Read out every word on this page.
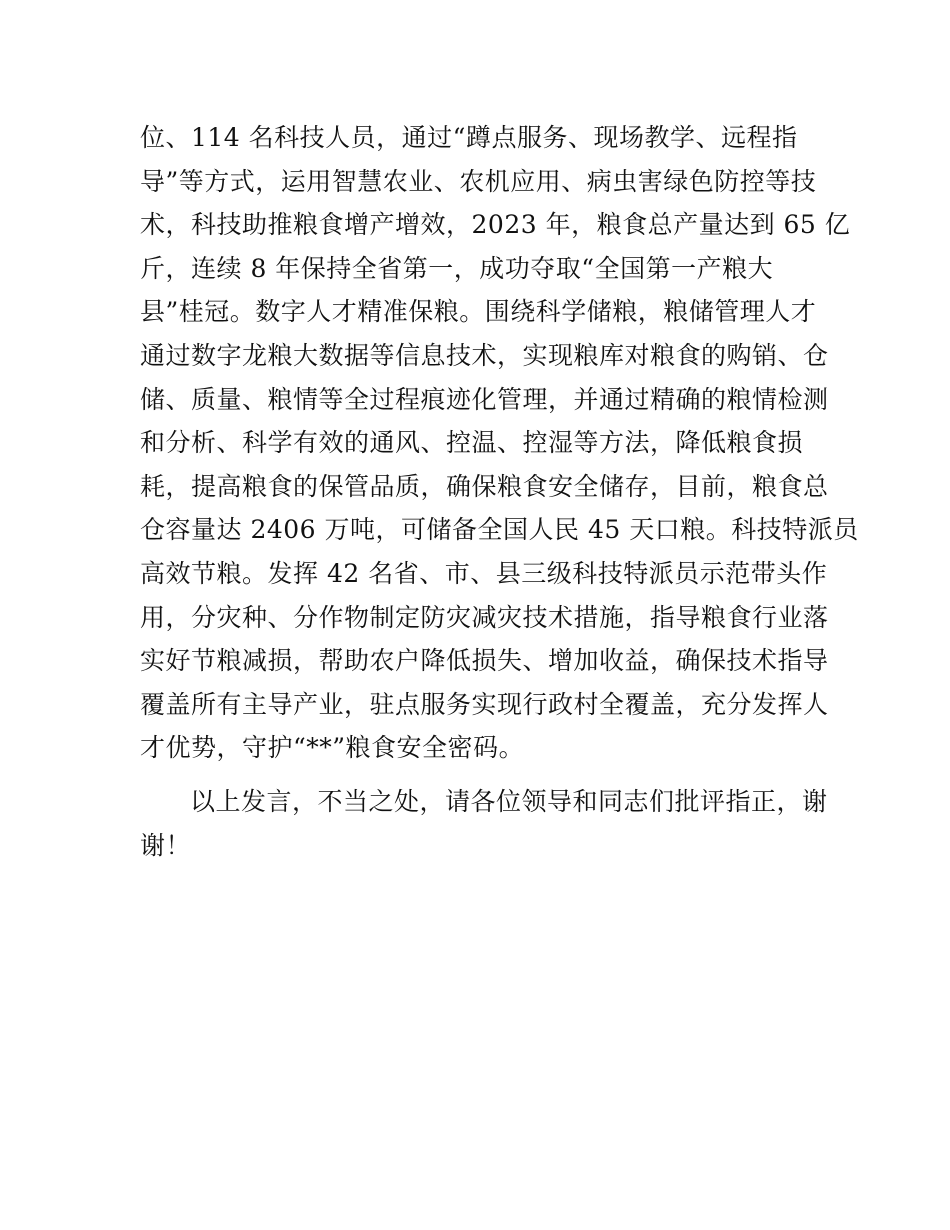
位、114 名科技人员，通过“蹲点服务、现场教学、远程指
导”等方式，运用智慧农业、农机应用、病虫害绿色防控等技
术，科技助推粮食增产增效，2023 年，粮食总产量达到 65 亿
斤，连续 8 年保持全省第一，成功夺取“全国第一产粮大
县”桂冠。数字人才精准保粮。围绕科学储粮，粮储管理人才
通过数字龙粮大数据等信息技术，实现粮库对粮食的购销、仓
储、质量、粮情等全过程痕迹化管理，并通过精确的粮情检测
和分析、科学有效的通风、控温、控湿等方法，降低粮食损
耗，提高粮食的保管品质，确保粮食安全储存，目前，粮食总
仓容量达 2406 万吨，可储备全国人民 45 天口粮。科技特派员
高效节粮。发挥 42 名省、市、县三级科技特派员示范带头作
用，分灾种、分作物制定防灾减灾技术措施，指导粮食行业落
实好节粮减损，帮助农户降低损失、增加收益，确保技术指导
覆盖所有主导产业，驻点服务实现行政村全覆盖，充分发挥人
才优势，守护“**”粮食安全密码。
以上发言，不当之处，请各位领导和同志们批评指正，谢
谢！
